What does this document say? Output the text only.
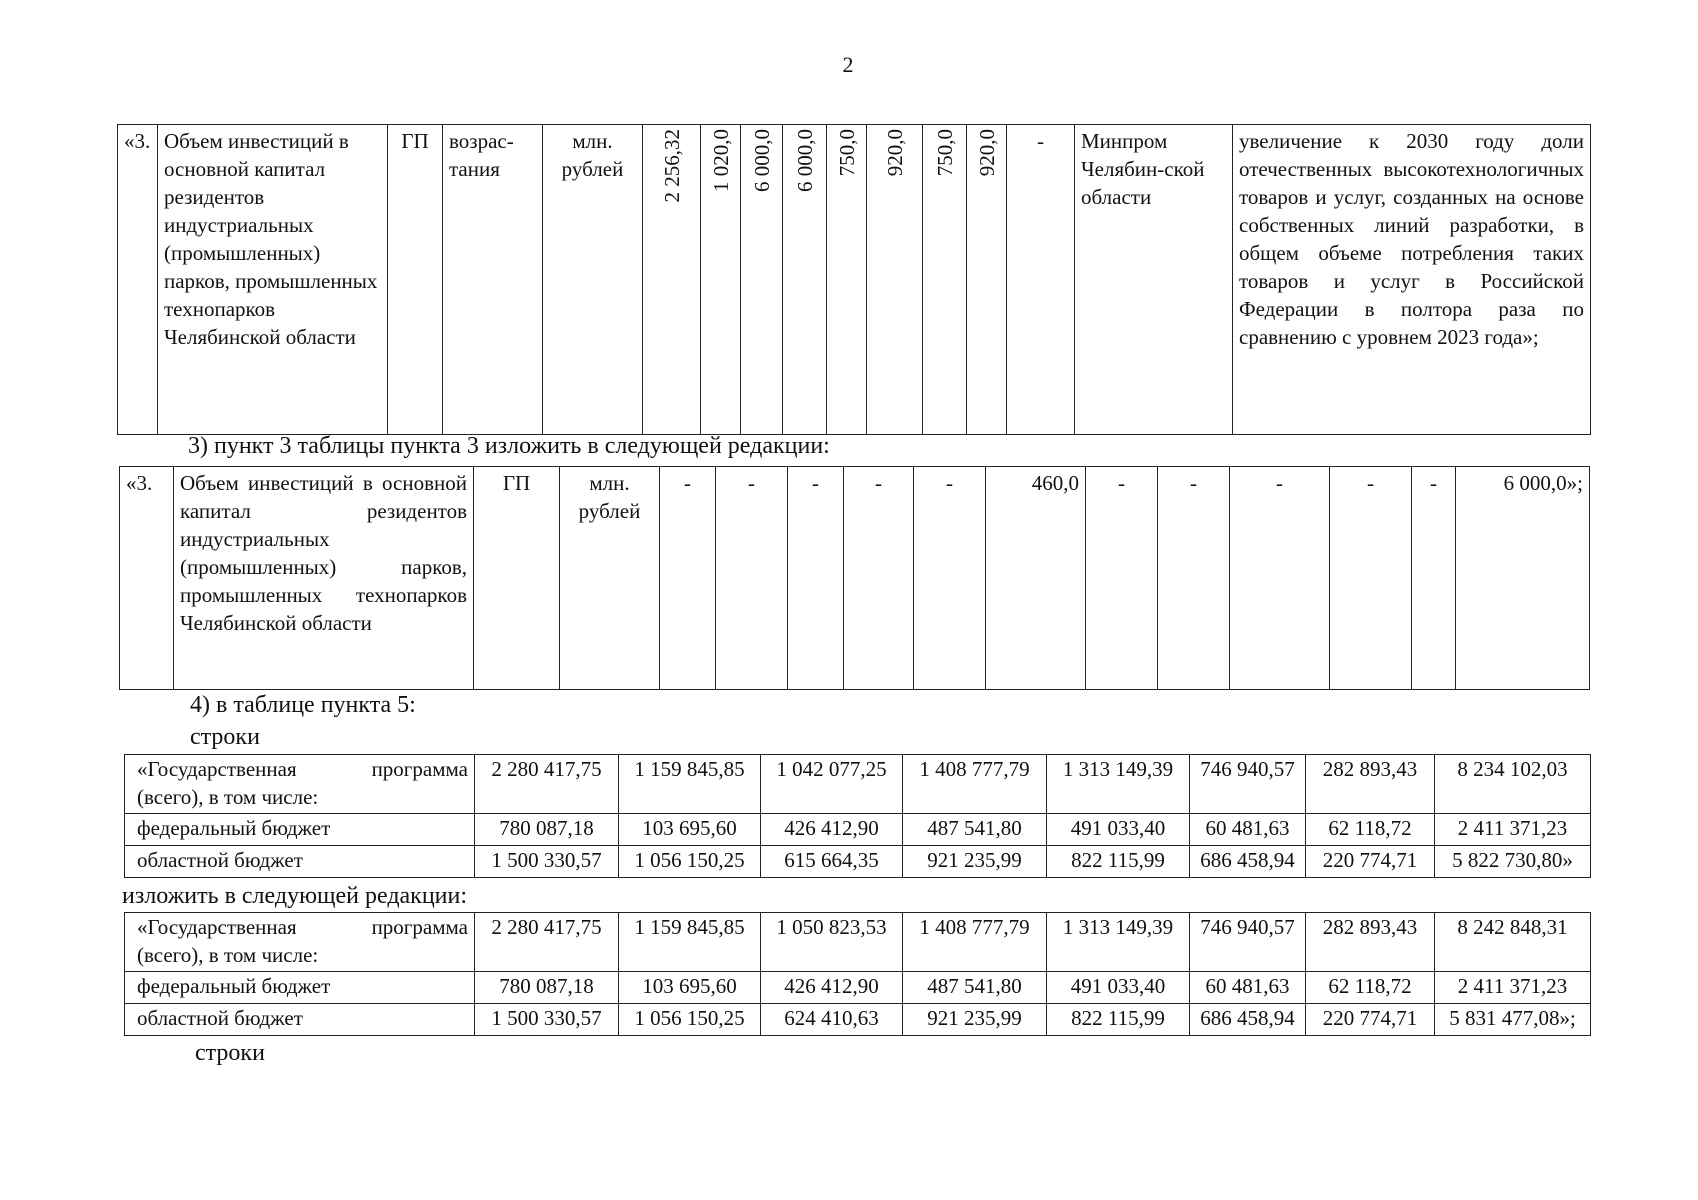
2
«3.	Объем инвестиций в основной капитал резидентов индустриальных (промышленных) парков, промышленных технопарков Челябинской области	ГП	возрас-тания	млн. рублей	2 256,32	1 020,0	6 000,0	6 000,0	750,0	920,0	750,0	920,0	-	Минпром Челябин-ской области	увеличение к 2030 году доли отечественных высокотехнологичных товаров и услуг, созданных на основе собственных линий разработки, в общем объеме потребления таких товаров и услуг в Российской Федерации в полтора раза по сравнению с уровнем 2023 года»;
3) пункт 3 таблицы пункта 3 изложить в следующей редакции:
«3.	Объем инвестиций в основной капитал резидентов индустриальных (промышленных) парков, промышленных технопарков Челябинской области	ГП	млн. рублей	-	-	-	-	-	460,0	-	-	-	-	-	6 000,0»;
4) в таблице пункта 5:
строки
«Государственная программа (всего), в том числе:	2 280 417,75	1 159 845,85	1 042 077,25	1 408 777,79	1 313 149,39	746 940,57	282 893,43	8 234 102,03
федеральный бюджет	780 087,18	103 695,60	426 412,90	487 541,80	491 033,40	60 481,63	62 118,72	2 411 371,23
областной бюджет	1 500 330,57	1 056 150,25	615 664,35	921 235,99	822 115,99	686 458,94	220 774,71	5 822 730,80»
изложить в следующей редакции:
«Государственная программа (всего), в том числе:	2 280 417,75	1 159 845,85	1 050 823,53	1 408 777,79	1 313 149,39	746 940,57	282 893,43	8 242 848,31
федеральный бюджет	780 087,18	103 695,60	426 412,90	487 541,80	491 033,40	60 481,63	62 118,72	2 411 371,23
областной бюджет	1 500 330,57	1 056 150,25	624 410,63	921 235,99	822 115,99	686 458,94	220 774,71	5 831 477,08»;
строки
